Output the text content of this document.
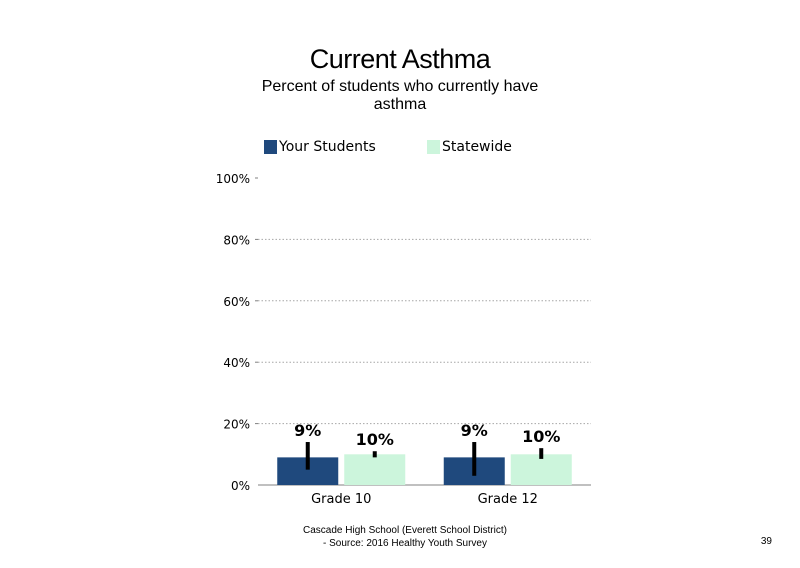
Current Asthma
Percent of students who currently have asthma
Your Students	Statewide
0%
20%
40%
60%
80%
100%
9% 10%
Grade 10
9% 10%
Grade 12
Cascade High School (Everett School District)
- Source: 2016 Healthy Youth Survey	39
